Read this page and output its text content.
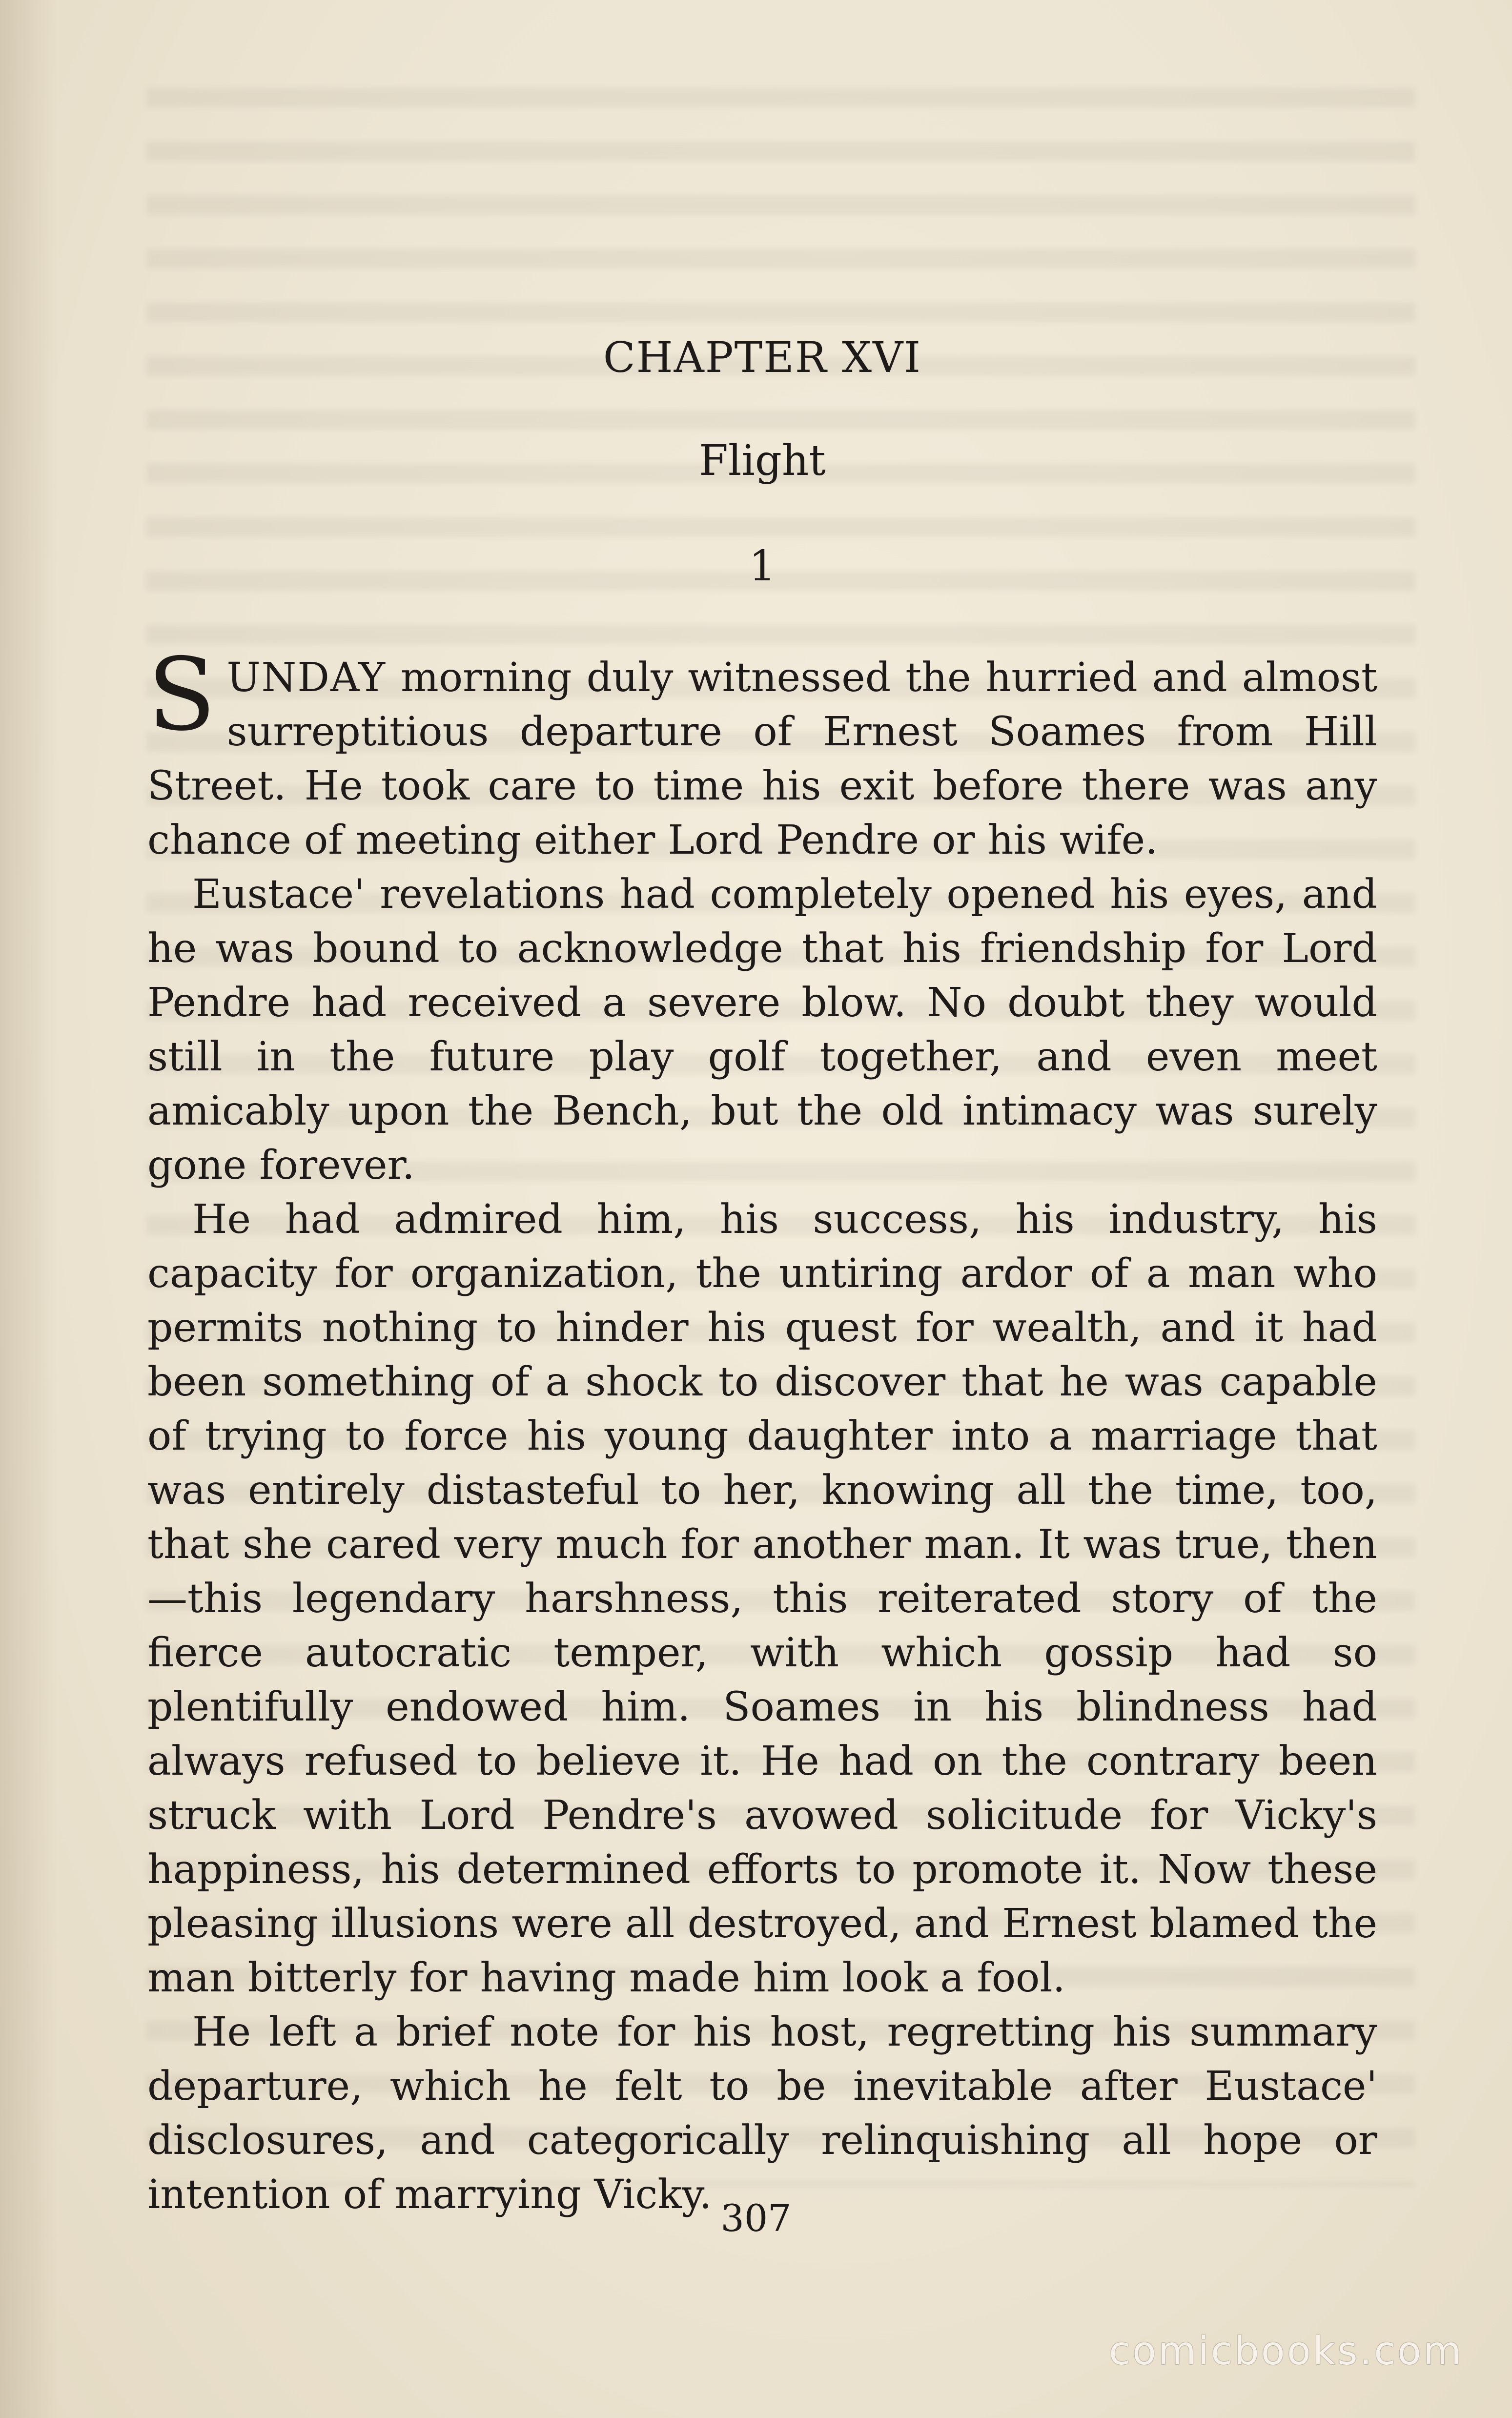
CHAPTER XVI
Flight
1

SUNDAY morning duly witnessed the hurried and almost surreptitious departure of Ernest Soames from Hill Street. He took care to time his exit before there was any chance of meeting either Lord Pendre or his wife.

Eustace' revelations had completely opened his eyes, and he was bound to acknowledge that his friendship for Lord Pendre had received a severe blow. No doubt they would still in the future play golf together, and even meet amicably upon the Bench, but the old intimacy was surely gone forever.

He had admired him, his success, his industry, his capacity for organization, the untiring ardor of a man who permits nothing to hinder his quest for wealth, and it had been something of a shock to discover that he was capable of trying to force his young daughter into a marriage that was entirely distasteful to her, knowing all the time, too, that she cared very much for another man. It was true, then—this legendary harshness, this reiterated story of the fierce autocratic temper, with which gossip had so plentifully endowed him. Soames in his blindness had always refused to believe it. He had on the contrary been struck with Lord Pendre's avowed solicitude for Vicky's happiness, his determined efforts to promote it. Now these pleasing illusions were all destroyed, and Ernest blamed the man bitterly for having made him look a fool.

He left a brief note for his host, regretting his summary departure, which he felt to be inevitable after Eustace' disclosures, and categorically relinquishing all hope or intention of marrying Vicky.

307
comicbooks.com
